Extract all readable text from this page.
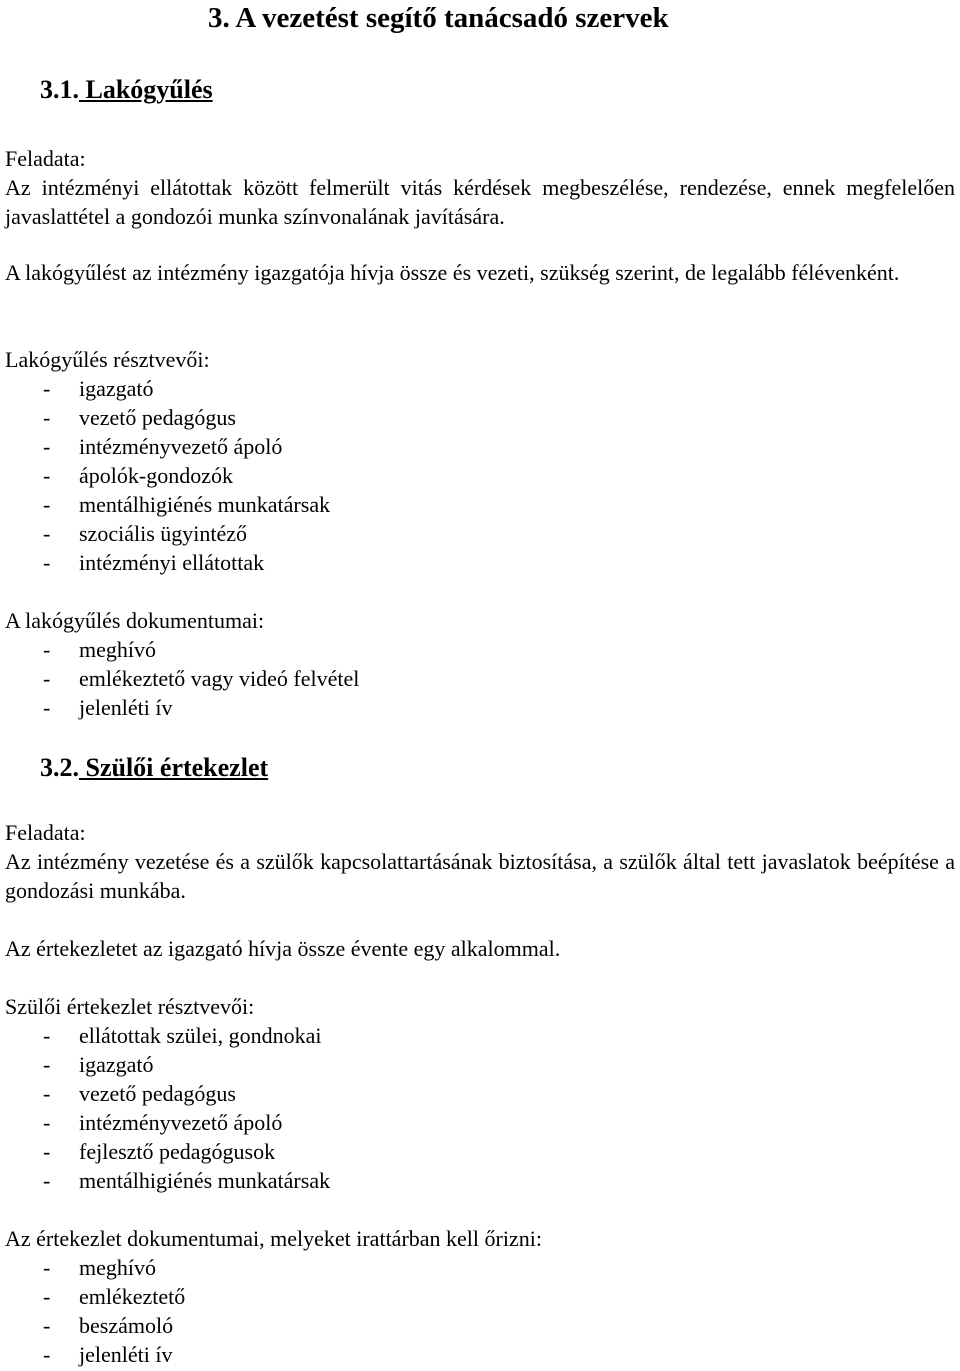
3. A vezetést segítő tanácsadó szervek
3.1. Lakógyűlés
Feladata:

Az intézményi ellátottak között felmerült vitás kérdések megbeszélése, rendezése, ennek megfelelően javaslattétel a gondozói munka színvonalának javítására.

A lakógyűlést az intézmény igazgatója hívja össze és vezeti, szükség szerint, de legalább félévenként.

Lakógyűlés résztvevői:
- igazgató
- vezető pedagógus
- intézményvezető ápoló
- ápolók-gondozók
- mentálhigiénés munkatársak
- szociális ügyintéző
- intézményi ellátottak
A lakógyűlés dokumentumai:
- meghívó
- emlékeztető vagy videó felvétel
- jelenléti ív
3.2. Szülői értekezlet
Feladata:

Az intézmény vezetése és a szülők kapcsolattartásának biztosítása, a szülők által tett javaslatok beépítése a gondozási munkába.

Az értekezletet az igazgató hívja össze évente egy alkalommal.

Szülői értekezlet résztvevői:
- ellátottak szülei, gondnokai
- igazgató
- vezető pedagógus
- intézményvezető ápoló
- fejlesztő pedagógusok
- mentálhigiénés munkatársak
Az értekezlet dokumentumai, melyeket irattárban kell őrizni:
- meghívó
- emlékeztető
- beszámoló
- jelenléti ív
